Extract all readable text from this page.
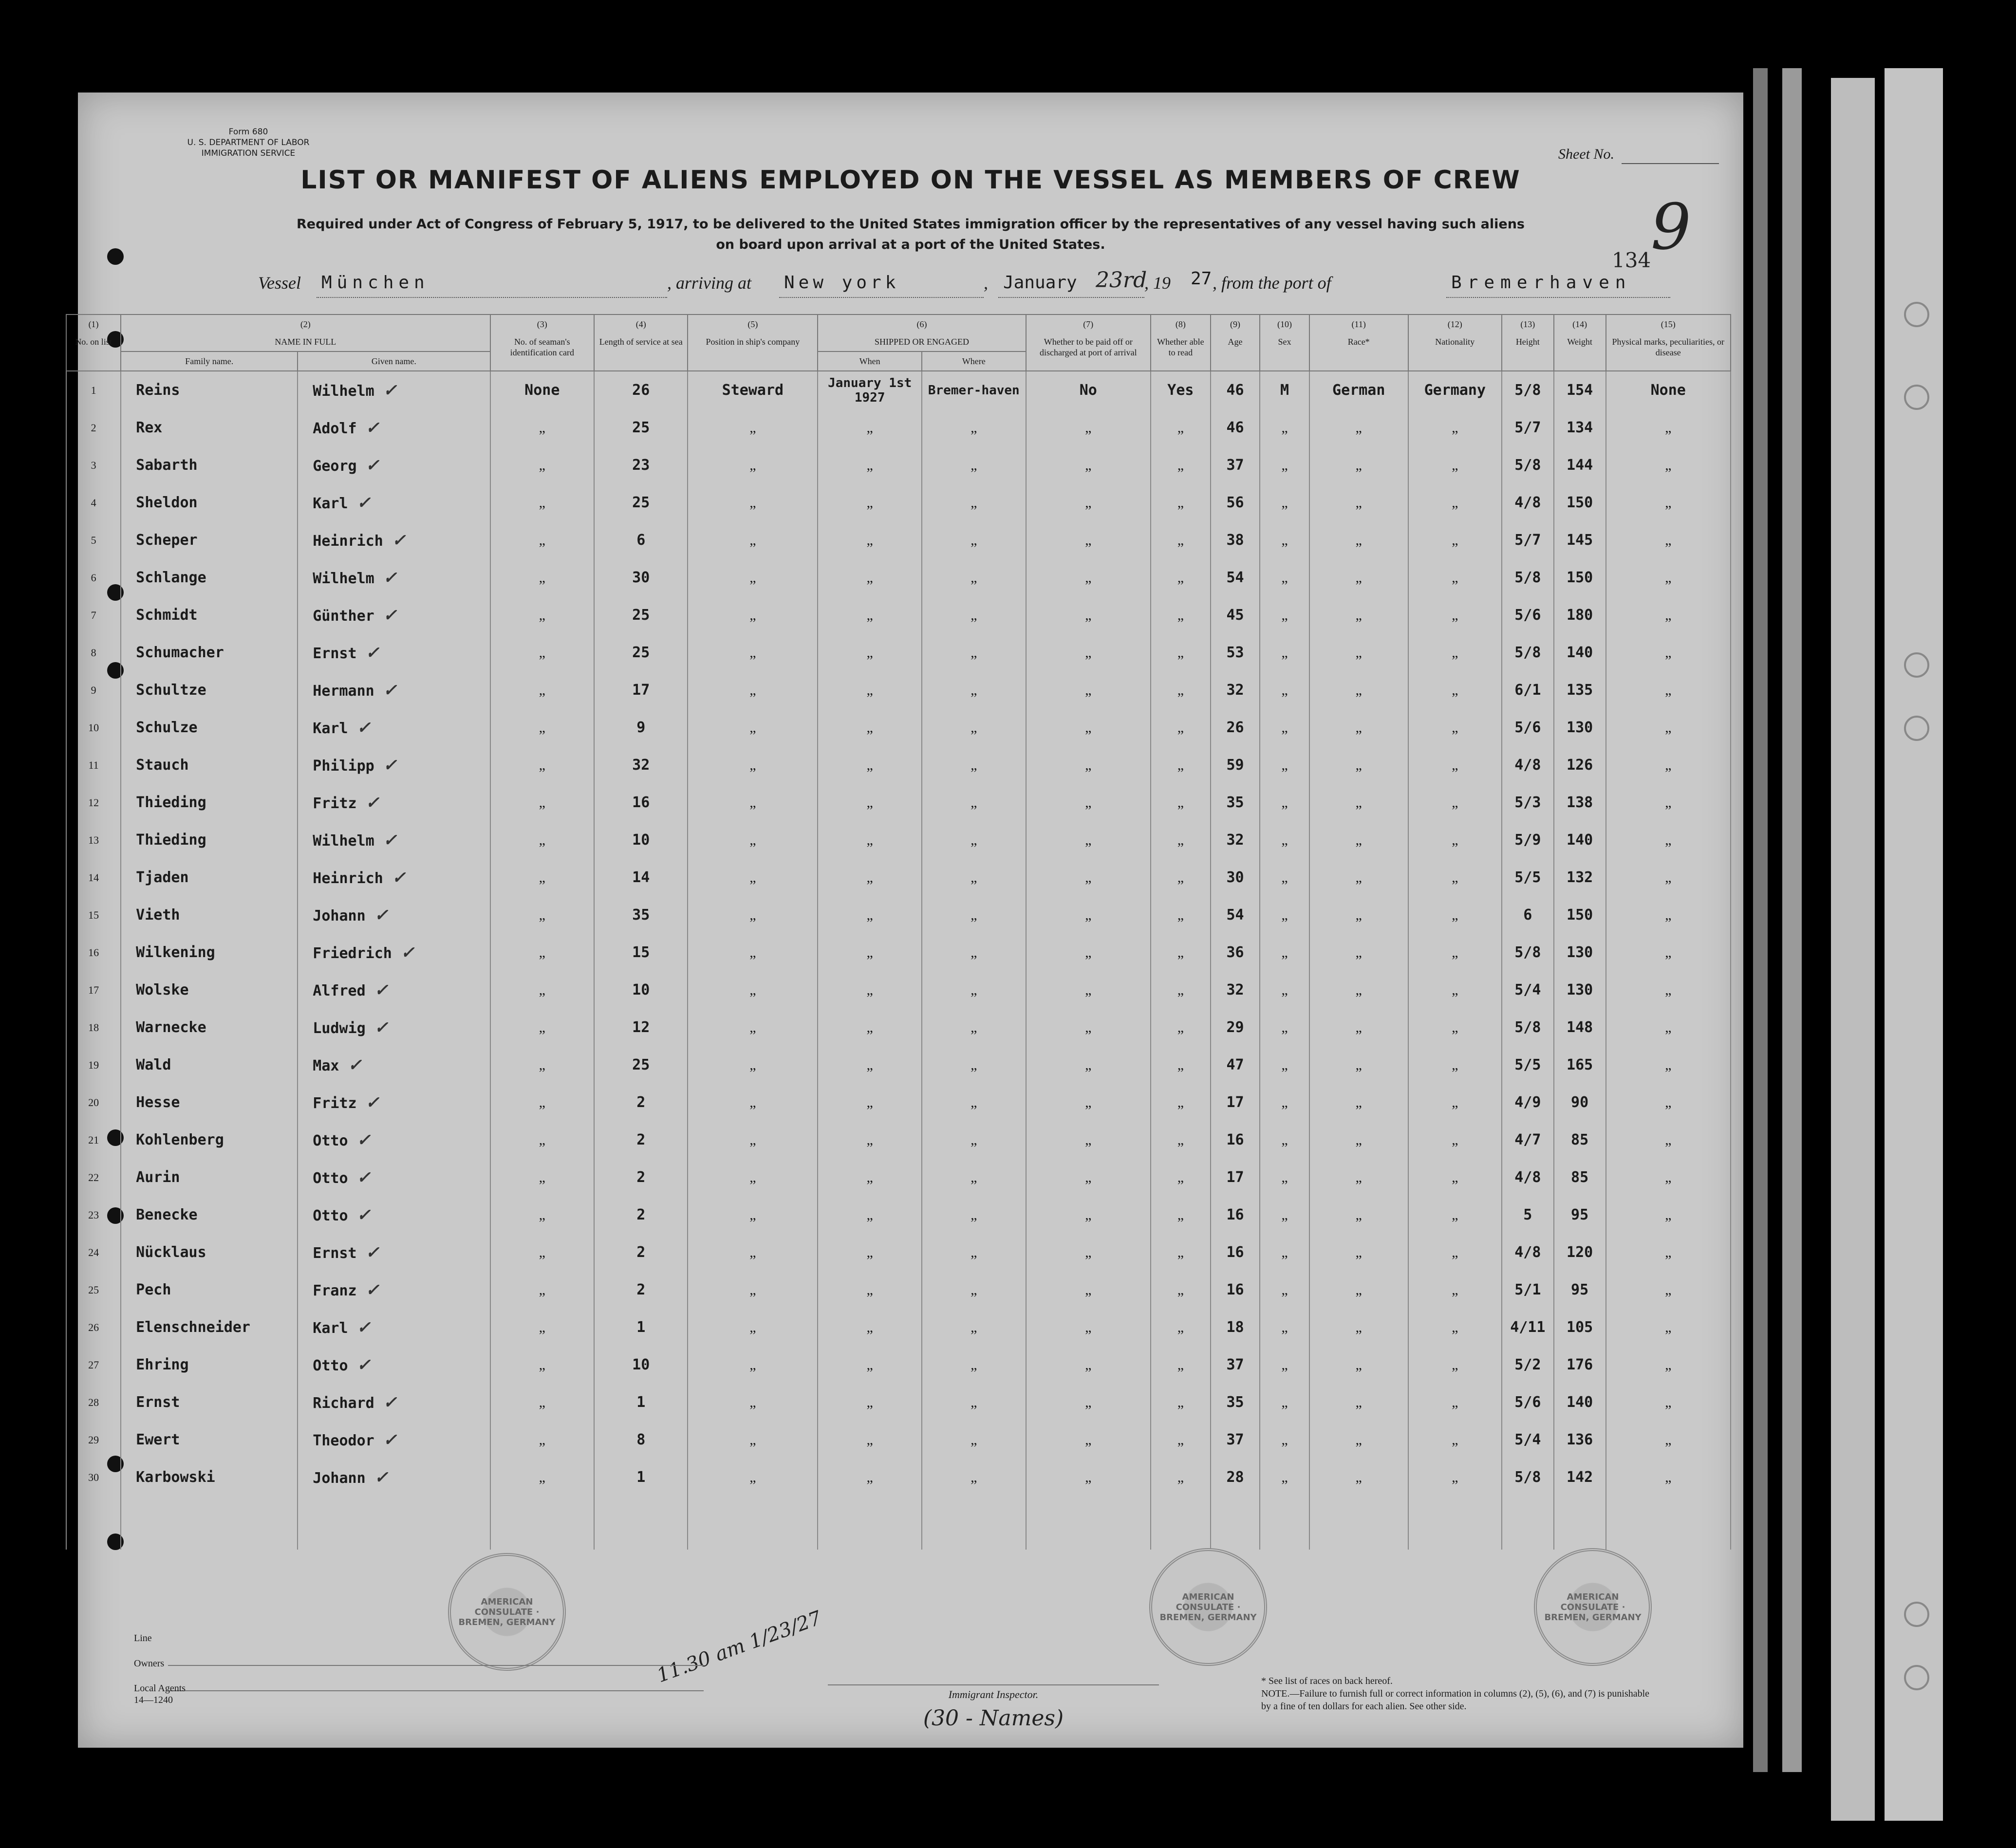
Form 680
U. S. DEPARTMENT OF LABOR
IMMIGRATION SERVICE	Sheet No.
9
134
LIST OR MANIFEST OF ALIENS EMPLOYED ON THE VESSEL AS MEMBERS OF CREW
Required under Act of Congress of February 5, 1917, to be delivered to the United States immigration officer by the representatives of any vessel having such aliens
on board upon arrival at a port of the United States.
Vessel München	, arriving at New york	, January 23rd
, 19 27 , from the port of	Bremerhaven
(1)
No. on list	(2)
NAME IN FULL		(3)
No. of seaman's identification card	(4)
Length of service at sea	(5)
Position in ship's company	(6)
SHIPPED OR ENGAGED		(7)
Whether to be paid off or discharged at port of arrival	(8)
Whether able to read	(9)
Age	(10)
Sex	(11)
Race*	(12)
Nationality	(13)
Height	(14)
Weight	(15)
Physical marks, peculiarities, or disease
	Family name.	Given name.				When	Where									
1	Reins	Wilhelm ✓	None	26	Steward	January 1st 1927	Bremer-haven	No	Yes	46	M	German	Germany	5/8	154	None
2	Rex	Adolf ✓	„	25	„	„	„	„	„	46	„	„	„	5/7	134	„
3	Sabarth	Georg ✓	„	23	„	„	„	„	„	37	„	„	„	5/8	144	„
4	Sheldon	Karl ✓	„	25	„	„	„	„	„	56	„	„	„	4/8	150	„
5	Scheper	Heinrich ✓	„	6	„	„	„	„	„	38	„	„	„	5/7	145	„
6	Schlange	Wilhelm ✓	„	30	„	„	„	„	„	54	„	„	„	5/8	150	„
7	Schmidt	Günther ✓	„	25	„	„	„	„	„	45	„	„	„	5/6	180	„
8	Schumacher	Ernst ✓	„	25	„	„	„	„	„	53	„	„	„	5/8	140	„
9	Schultze	Hermann ✓	„	17	„	„	„	„	„	32	„	„	„	6/1	135	„
10	Schulze	Karl ✓	„	9	„	„	„	„	„	26	„	„	„	5/6	130	„
11	Stauch	Philipp ✓	„	32	„	„	„	„	„	59	„	„	„	4/8	126	„
12	Thieding	Fritz ✓	„	16	„	„	„	„	„	35	„	„	„	5/3	138	„
13	Thieding	Wilhelm ✓	„	10	„	„	„	„	„	32	„	„	„	5/9	140	„
14	Tjaden	Heinrich ✓	„	14	„	„	„	„	„	30	„	„	„	5/5	132	„
15	Vieth	Johann ✓	„	35	„	„	„	„	„	54	„	„	„	6	150	„
16	Wilkening	Friedrich ✓	„	15	„	„	„	„	„	36	„	„	„	5/8	130	„
17	Wolske	Alfred ✓	„	10	„	„	„	„	„	32	„	„	„	5/4	130	„
18	Warnecke	Ludwig ✓	„	12	„	„	„	„	„	29	„	„	„	5/8	148	„
19	Wald	Max ✓	„	25	„	„	„	„	„	47	„	„	„	5/5	165	„
20	Hesse	Fritz ✓	„	2	„	„	„	„	„	17	„	„	„	4/9	90	„
21	Kohlenberg	Otto ✓	„	2	„	„	„	„	„	16	„	„	„	4/7	85	„
22	Aurin	Otto ✓	„	2	„	„	„	„	„	17	„	„	„	4/8	85	„
23	Benecke	Otto ✓	„	2	„	„	„	„	„	16	„	„	„	5	95	„
24	Nücklaus	Ernst ✓	„	2	„	„	„	„	„	16	„	„	„	4/8	120	„
25	Pech	Franz ✓	„	2	„	„	„	„	„	16	„	„	„	5/1	95	„
26	Elenschneider	Karl ✓	„	1	„	„	„	„	„	18	„	„	„	4/11	105	„
27	Ehring	Otto ✓	„	10	„	„	„	„	„	37	„	„	„	5/2	176	„
28	Ernst	Richard ✓	„	1	„	„	„	„	„	35	„	„	„	5/6	140	„
29	Ewert	Theodor ✓	„	8	„	„	„	„	„	37	„	„	„	5/4	136	„
30	Karbowski	Johann ✓	„	1	„	„	„	„	„	28	„	„	„	5/8	142	„

AMERICAN CONSULATE · BREMEN, GERMANY
AMERICAN CONSULATE · BREMEN, GERMANY
AMERICAN CONSULATE · BREMEN, GERMANY
11.30 am 1/23/27
Line
Owners
Local Agents
14—1240	Immigrant Inspector.
(30 - Names)
* See list of races on back hereof.
NOTE.—Failure to furnish full or correct information in columns (2), (5), (6), and (7) is punishable by a fine of ten dollars for each alien. See other side.
